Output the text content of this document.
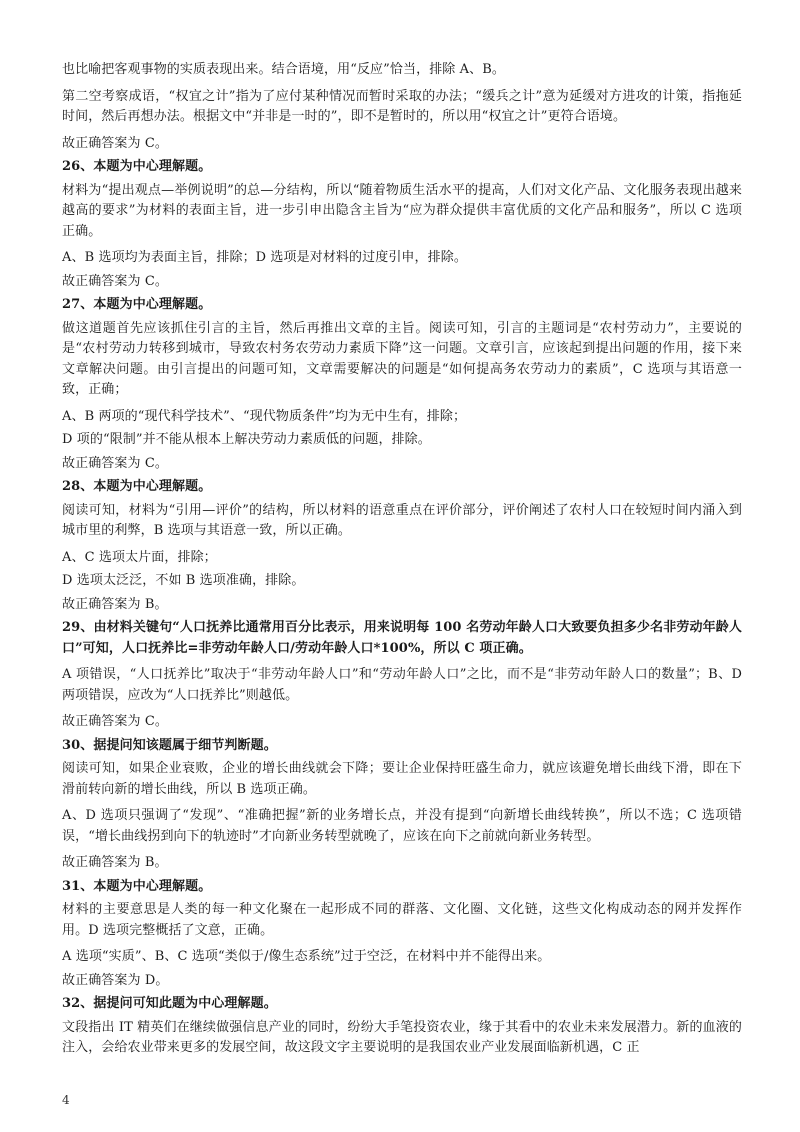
也比喻把客观事物的实质表现出来。结合语境，用“反应”恰当，排除 A、B。

第二空考察成语，“权宜之计”指为了应付某种情况而暂时采取的办法；“缓兵之计”意为延缓对方进攻的计策，指拖延时间，然后再想办法。根据文中“并非是一时的”，即不是暂时的，所以用“权宜之计”更符合语境。

故正确答案为 C。

26、本题为中心理解题。

材料为“提出观点—举例说明”的总—分结构，所以“随着物质生活水平的提高，人们对文化产品、文化服务表现出越来越高的要求”为材料的表面主旨，进一步引申出隐含主旨为“应为群众提供丰富优质的文化产品和服务”，所以 C 选项正确。

A、B 选项均为表面主旨，排除；D 选项是对材料的过度引申，排除。

故正确答案为 C。

27、本题为中心理解题。

做这道题首先应该抓住引言的主旨，然后再推出文章的主旨。阅读可知，引言的主题词是“农村劳动力”，主要说的是“农村劳动力转移到城市，导致农村务农劳动力素质下降”这一问题。文章引言，应该起到提出问题的作用，接下来文章解决问题。由引言提出的问题可知，文章需要解决的问题是“如何提高务农劳动力的素质”，C 选项与其语意一致，正确；

A、B 两项的“现代科学技术”、“现代物质条件”均为无中生有，排除；

D 项的“限制”并不能从根本上解决劳动力素质低的问题，排除。

故正确答案为 C。

28、本题为中心理解题。

阅读可知，材料为“引用—评价”的结构，所以材料的语意重点在评价部分，评价阐述了农村人口在较短时间内涌入到城市里的利弊，B 选项与其语意一致，所以正确。

A、C 选项太片面，排除；

D 选项太泛泛，不如 B 选项准确，排除。

故正确答案为 B。

29、由材料关键句“人口抚养比通常用百分比表示，用来说明每 100 名劳动年龄人口大致要负担多少名非劳动年龄人口”可知，人口抚养比=非劳动年龄人口/劳动年龄人口*100%，所以 C 项正确。

A 项错误，“人口抚养比”取决于“非劳动年龄人口”和“劳动年龄人口”之比，而不是“非劳动年龄人口的数量”；B、D 两项错误，应改为“人口抚养比”则越低。

故正确答案为 C。

30、据提问知该题属于细节判断题。

阅读可知，如果企业衰败，企业的增长曲线就会下降；要让企业保持旺盛生命力，就应该避免增长曲线下滑，即在下滑前转向新的增长曲线，所以 B 选项正确。

A、D 选项只强调了“发现”、“准确把握”新的业务增长点，并没有提到“向新增长曲线转换”，所以不选；C 选项错误，“增长曲线拐到向下的轨迹时”才向新业务转型就晚了，应该在向下之前就向新业务转型。

故正确答案为 B。

31、本题为中心理解题。

材料的主要意思是人类的每一种文化聚在一起形成不同的群落、文化圈、文化链，这些文化构成动态的网并发挥作用。D 选项完整概括了文意，正确。

A 选项“实质”、B、C 选项“类似于/像生态系统”过于空泛，在材料中并不能得出来。

故正确答案为 D。

32、据提问可知此题为中心理解题。

文段指出 IT 精英们在继续做强信息产业的同时，纷纷大手笔投资农业，缘于其看中的农业未来发展潜力。新的血液的注入，会给农业带来更多的发展空间，故这段文字主要说明的是我国农业产业发展面临新机遇，C 正

4
